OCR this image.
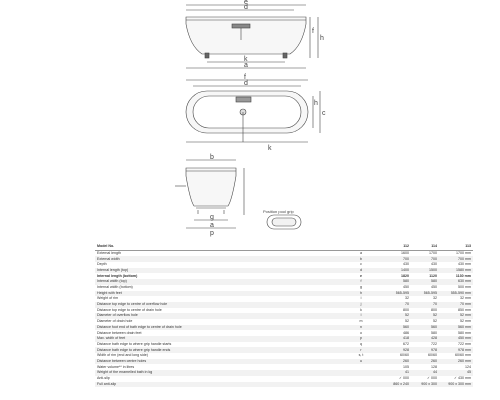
e
d
k
h
a
f
f
d
c
k
h
b
g
a
p
Position pool grip
Model No.		112	114	113
External length	a	1600	1700	1700 mm
External width	b	700	700	700 mm
Depth	c	430	430	430 mm
Internal length (top)	d	1400	1500	1580 mm
Internal length (bottom)	e	1820	1120	1130 mm
Internal width (top)	f	580	580	630 mm
Internal width (bottom)	g	450	450	500 mm
Height with feet	h	565-595	565-595	555-590 mm
Weight of rim	i	32	32	32 mm
Distance top edge to centre of overflow hole	j	70	70	70 mm
Distance top edge to centre of drain hole	k	800	800	850 mm
Diameter of overflow hole	l	52	52	52 mm
Diameter of drain hole	m	52	52	52 mm
Distance foot end of bath edge to centre of drain hole	n	560	560	560 mm
Distance between drain feet	o	486	580	580 mm
Max. width of feet	p	418	428	450 mm
Distance bath edge to where grip handle starts	q	672	722	722 mm
Distance bath edge to where grip handle ends	r	928	978	978 mm
Width of rim (end and long side)	s, t	60/60	60/60	60/60 mm
Distance between centre holes	u	260	260	260 mm
Water volume** in litres		105	128	124
Weight of the enamelled bath in kg		41	44	45
Anti-slip		✓ 000	✓ 000	✓ 430 mm
Full anti-slip		860 x 240	900 x 300	900 x 300 mm
